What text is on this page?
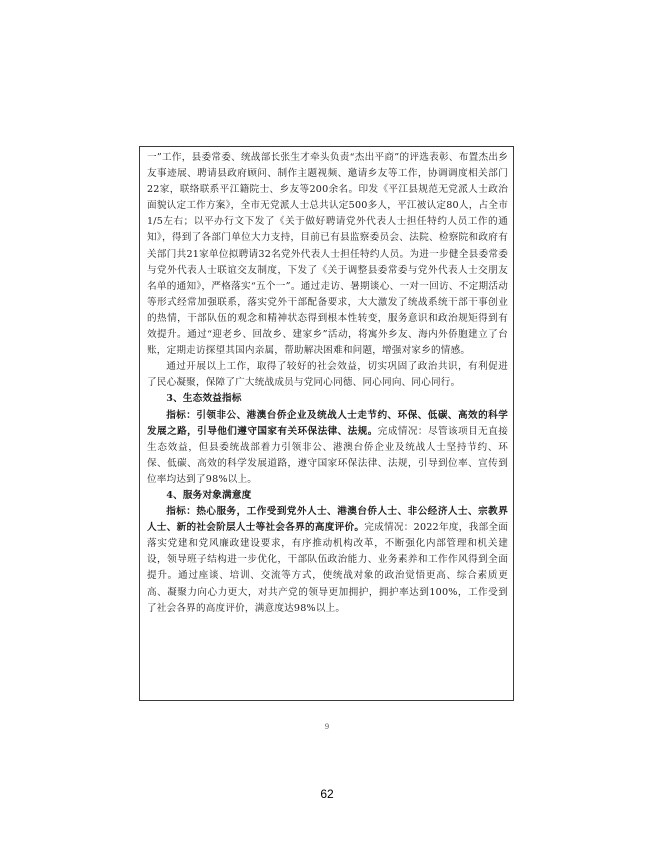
一”工作，县委常委、统战部长张生才牵头负责“杰出平商”的评选表彰、布置杰出乡友事迹展、聘请县政府顾问、制作主题视频、邀请乡友等工作，协调调度相关部门22家，联络联系平江籍院士、乡友等200余名。印发《平江县规范无党派人士政治面貌认定工作方案》，全市无党派人士总共认定500多人，平江被认定80人，占全市1/5左右；以平办行文下发了《关于做好聘请党外代表人士担任特约人员工作的通知》，得到了各部门单位大力支持，目前已有县监察委员会、法院、检察院和政府有关部门共21家单位拟聘请32名党外代表人士担任特约人员。为进一步健全县委常委与党外代表人士联谊交友制度，下发了《关于调整县委常委与党外代表人士交朋友名单的通知》，严格落实“五个一”。通过走访、暑期谈心、一对一回访、不定期活动等形式经常加强联系，落实党外干部配备要求，大大激发了统战系统干部干事创业的热情，干部队伍的观念和精神状态得到根本性转变，服务意识和政治规矩得到有效提升。通过“迎老乡、回故乡、建家乡”活动，将寓外乡友、海内外侨胞建立了台账，定期走访探望其国内亲属，帮助解决困难和问题，增强对家乡的情感。

通过开展以上工作，取得了较好的社会效益，切实巩固了政治共识，有利促进了民心凝聚，保障了广大统战成员与党同心同德、同心同向、同心同行。

3、生态效益指标

指标：引领非公、港澳台侨企业及统战人士走节约、环保、低碳、高效的科学发展之路，引导他们遵守国家有关环保法律、法规。完成情况：尽管该项目无直接生态效益，但县委统战部着力引领非公、港澳台侨企业及统战人士坚持节约、环保、低碳、高效的科学发展道路，遵守国家环保法律、法规，引导到位率、宣传到位率均达到了98%以上。

4、服务对象满意度

指标：热心服务，工作受到党外人士、港澳台侨人士、非公经济人士、宗教界人士、新的社会阶层人士等社会各界的高度评价。完成情况：2022年度，我部全面落实党建和党风廉政建设要求，有序推动机构改革，不断强化内部管理和机关建设，领导班子结构进一步优化，干部队伍政治能力、业务素养和工作作风得到全面提升。通过座谈、培训、交流等方式，使统战对象的政治觉悟更高、综合素质更高、凝聚力向心力更大，对共产党的领导更加拥护，拥护率达到100%，工作受到了社会各界的高度评价，满意度达98%以上。

9
62
